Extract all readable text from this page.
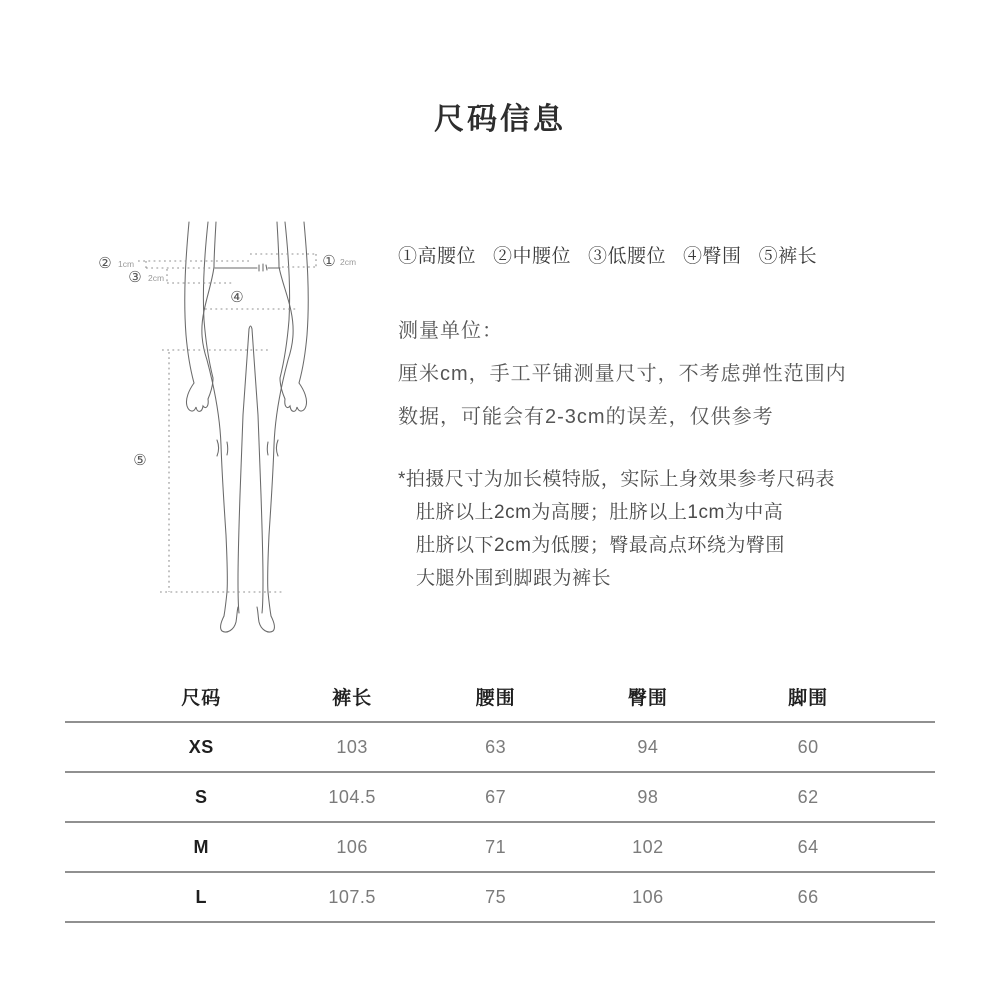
尺码信息
① 2cm
② 1cm
③ 2cm
④
⑤
①高腰位 ②中腰位 ③低腰位 ④臀围 ⑤裤长
测量单位：
厘米cm，手工平铺测量尺寸，不考虑弹性范围内
数据，可能会有2-3cm的误差，仅供参考
*拍摄尺寸为加长模特版，实际上身效果参考尺码表
肚脐以上2cm为高腰；肚脐以上1cm为中高
肚脐以下2cm为低腰；臀最高点环绕为臀围
大腿外围到脚跟为裤长
尺码	裤长	腰围	臀围	脚围
XS	103	63	94	60
S	104.5	67	98	62
M	106	71	102	64
L	107.5	75	106	66
